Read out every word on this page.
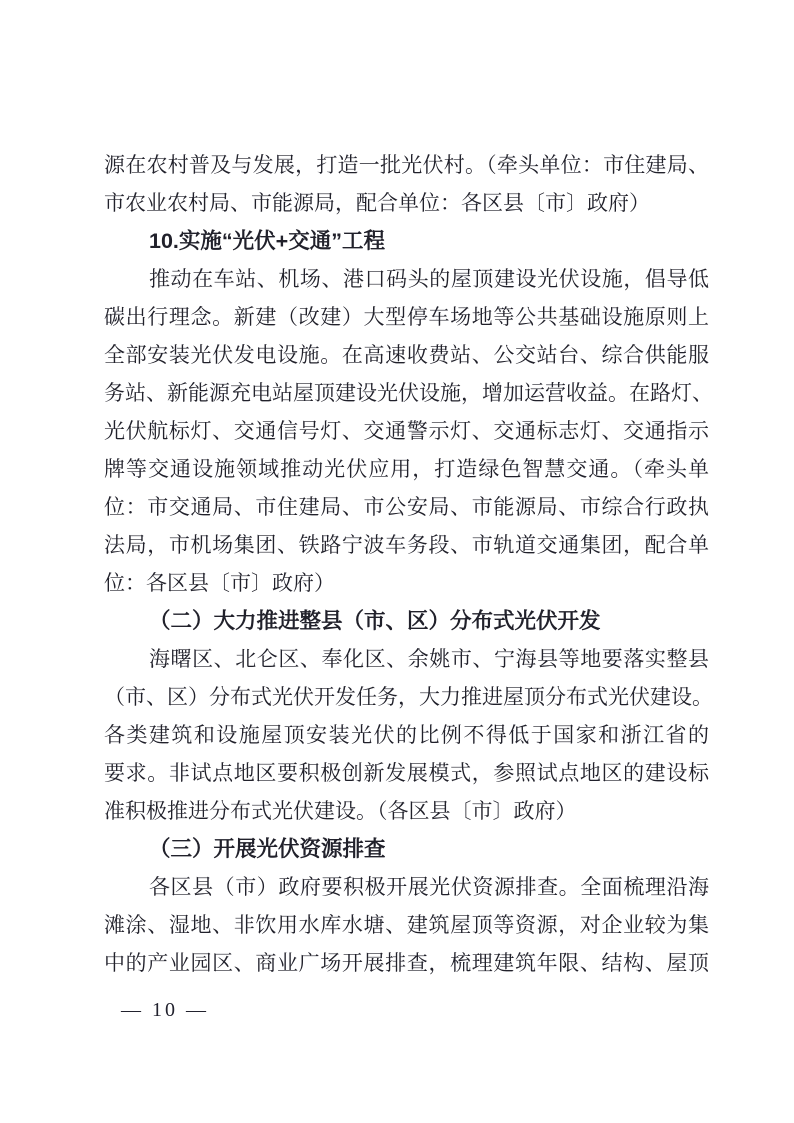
源在农村普及与发展，打造一批光伏村。（牵头单位：市住建局、
市农业农村局、市能源局，配合单位：各区县〔市〕政府）
10.实施“光伏+交通”工程
推动在车站、机场、港口码头的屋顶建设光伏设施，倡导低
碳出行理念。新建（改建）大型停车场地等公共基础设施原则上
全部安装光伏发电设施。在高速收费站、公交站台、综合供能服
务站、新能源充电站屋顶建设光伏设施，增加运营收益。在路灯、
光伏航标灯、交通信号灯、交通警示灯、交通标志灯、交通指示
牌等交通设施领域推动光伏应用，打造绿色智慧交通。（牵头单
位：市交通局、市住建局、市公安局、市能源局、市综合行政执
法局，市机场集团、铁路宁波车务段、市轨道交通集团，配合单
位：各区县〔市〕政府）
（二）大力推进整县（市、区）分布式光伏开发
海曙区、北仑区、奉化区、余姚市、宁海县等地要落实整县
（市、区）分布式光伏开发任务，大力推进屋顶分布式光伏建设。
各类建筑和设施屋顶安装光伏的比例不得低于国家和浙江省的
要求。非试点地区要积极创新发展模式，参照试点地区的建设标
准积极推进分布式光伏建设。（各区县〔市〕政府）
（三）开展光伏资源排查
各区县（市）政府要积极开展光伏资源排查。全面梳理沿海
滩涂、湿地、非饮用水库水塘、建筑屋顶等资源，对企业较为集
中的产业园区、商业广场开展排查，梳理建筑年限、结构、屋顶
— 10 —
